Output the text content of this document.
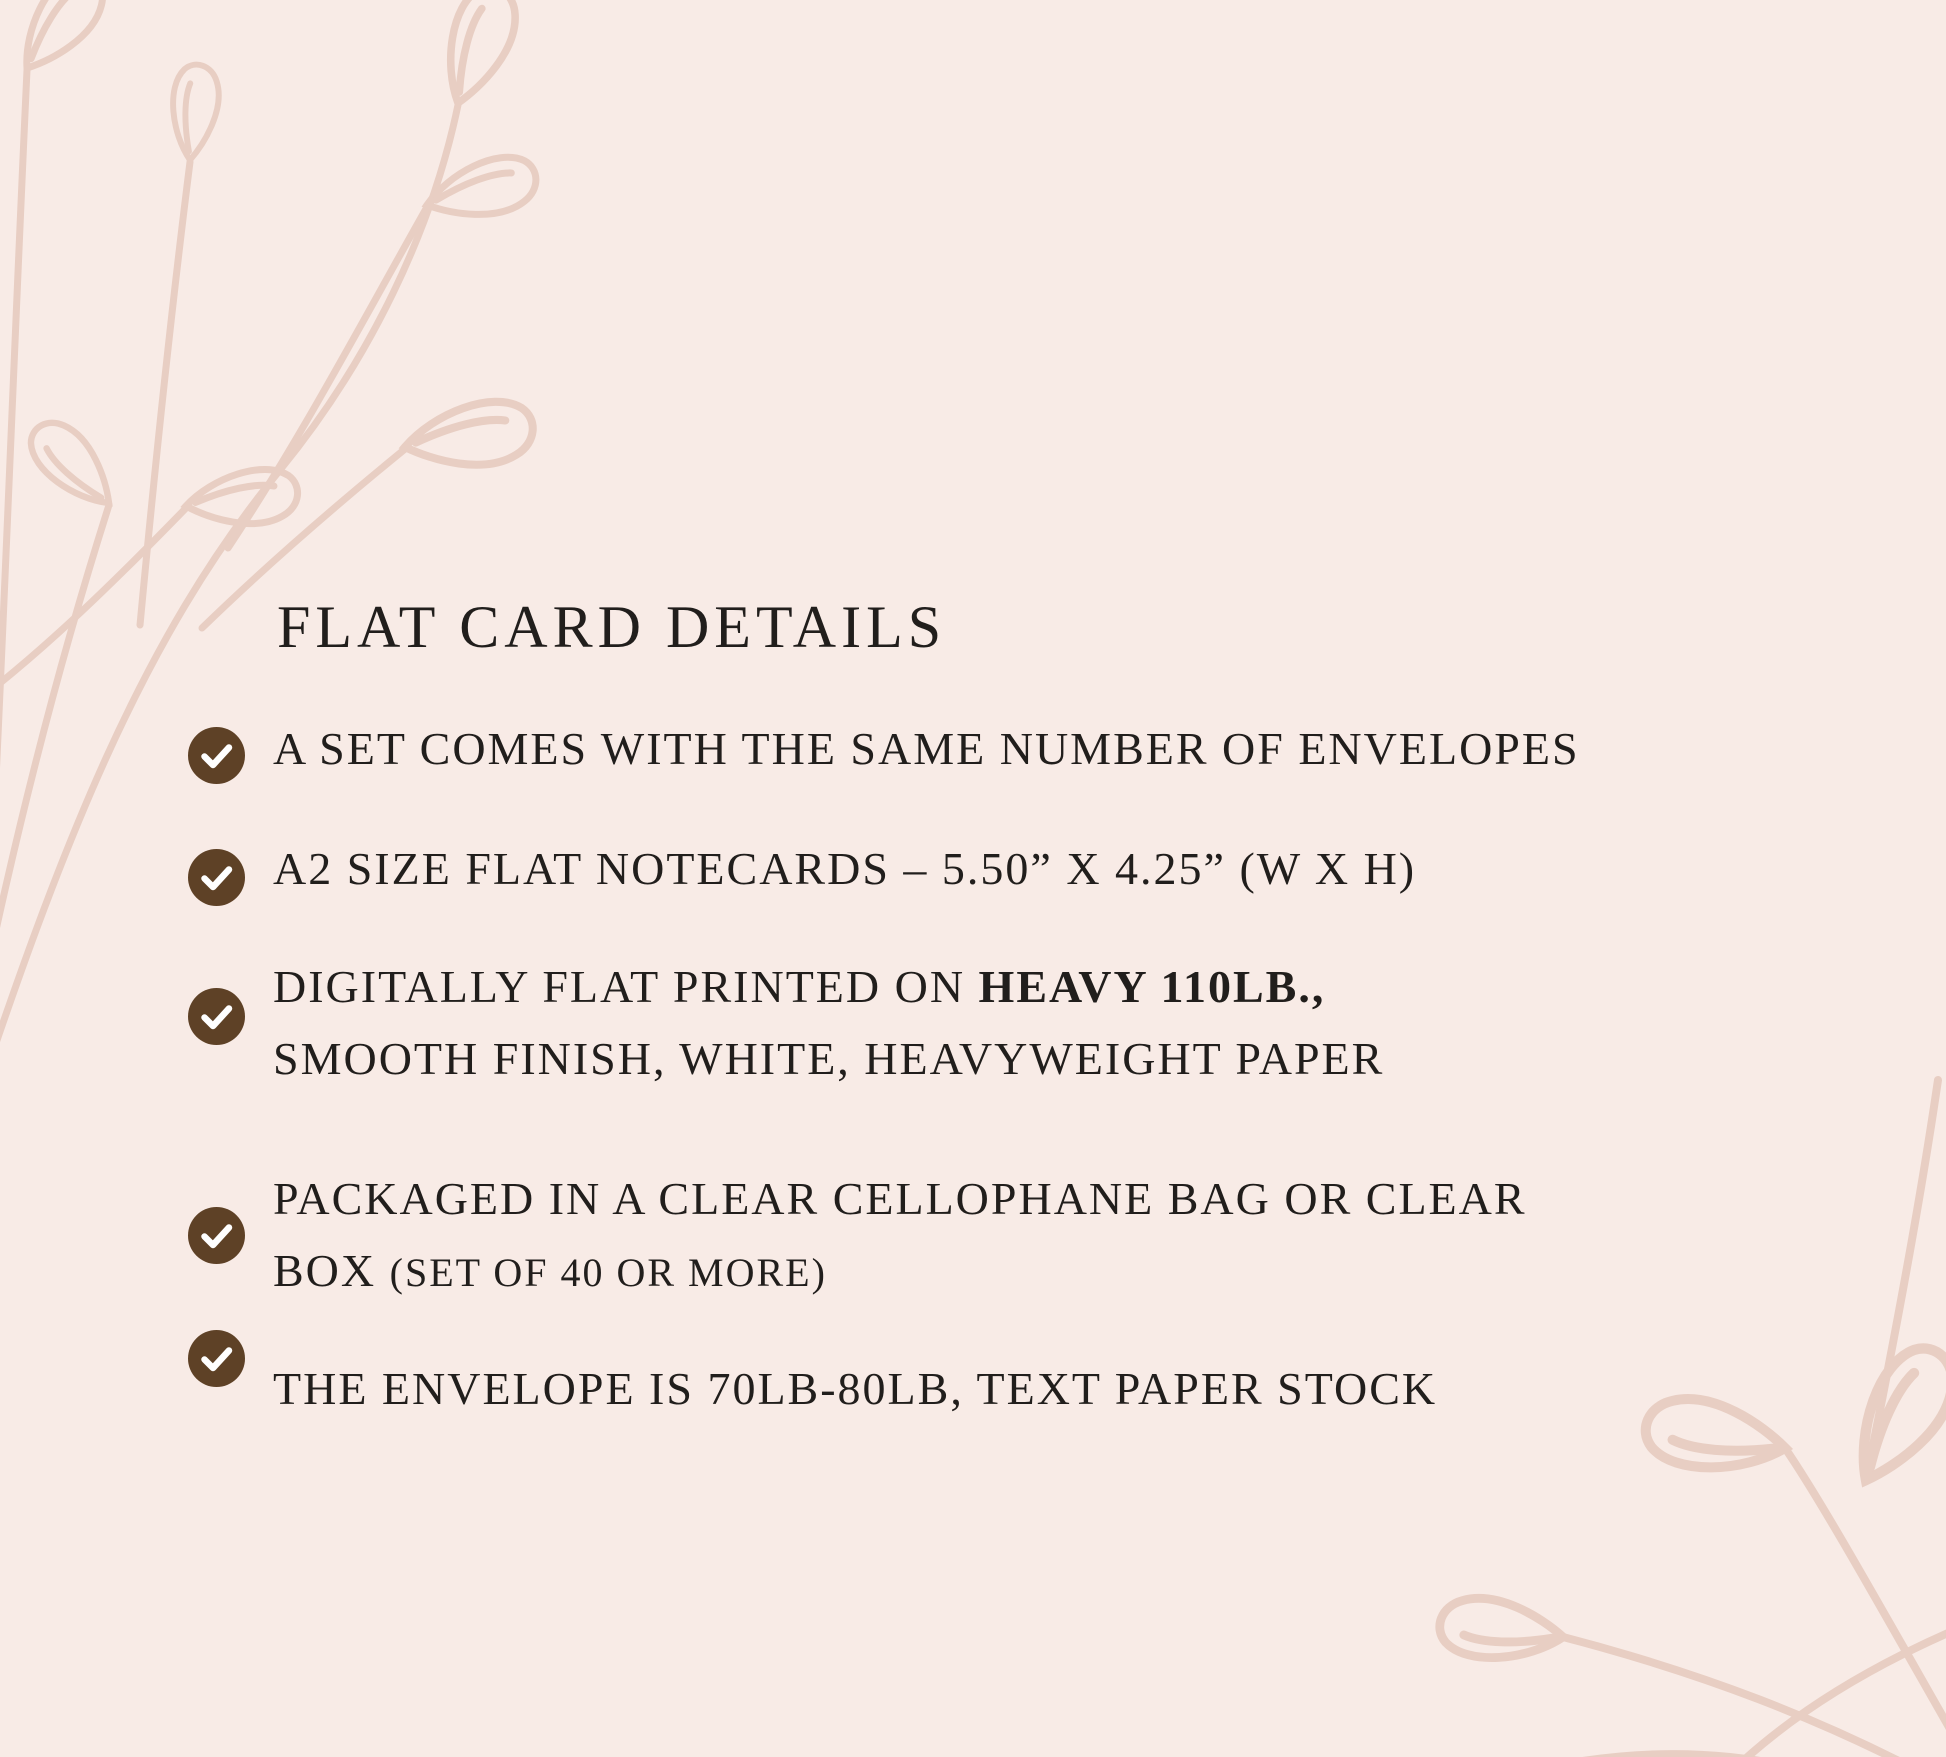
FLAT CARD DETAILS
A SET COMES WITH THE SAME NUMBER OF ENVELOPES
A2 SIZE FLAT NOTECARDS – 5.50” X 4.25” (W X H)
DIGITALLY FLAT PRINTED ON HEAVY 110LB.,
SMOOTH FINISH, WHITE, HEAVYWEIGHT PAPER
PACKAGED IN A CLEAR CELLOPHANE BAG OR CLEAR
BOX (SET OF 40 OR MORE)
THE ENVELOPE IS 70LB-80LB, TEXT PAPER STOCK
